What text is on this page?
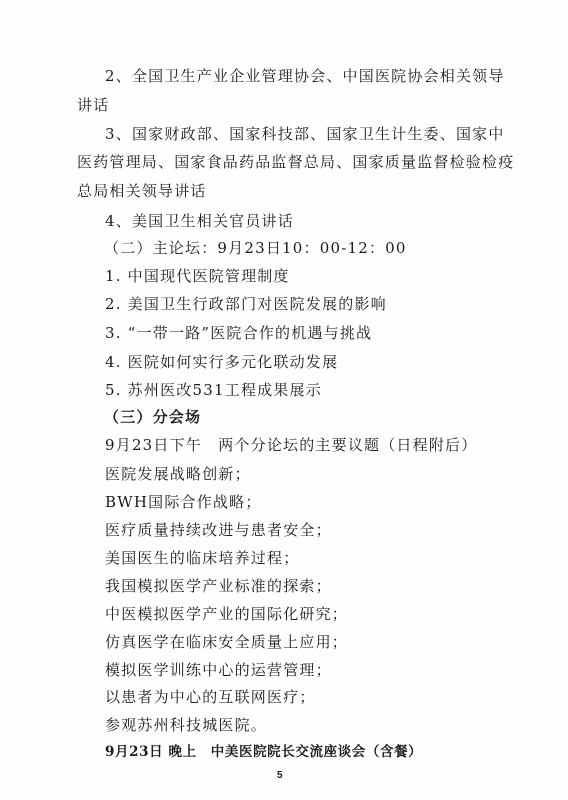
2、全国卫生产业企业管理协会、中国医院协会相关领导
讲话
3、国家财政部、国家科技部、国家卫生计生委、国家中
医药管理局、国家食品药品监督总局、国家质量监督检验检疫
总局相关领导讲话
4、美国卫生相关官员讲话
（二）主论坛：9月23日10：00-12：00
1. 中国现代医院管理制度
2. 美国卫生行政部门对医院发展的影响
3. “一带一路”医院合作的机遇与挑战
4. 医院如何实行多元化联动发展
5. 苏州医改531工程成果展示
（三）分会场
9月23日下午　两个分论坛的主要议题（日程附后）
医院发展战略创新；
BWH国际合作战略；
医疗质量持续改进与患者安全；
美国医生的临床培养过程；
我国模拟医学产业标准的探索；
中医模拟医学产业的国际化研究；
仿真医学在临床安全质量上应用；
模拟医学训练中心的运营管理；
以患者为中心的互联网医疗；
参观苏州科技城医院。
9月23日 晚上　中美医院院长交流座谈会（含餐）
5
